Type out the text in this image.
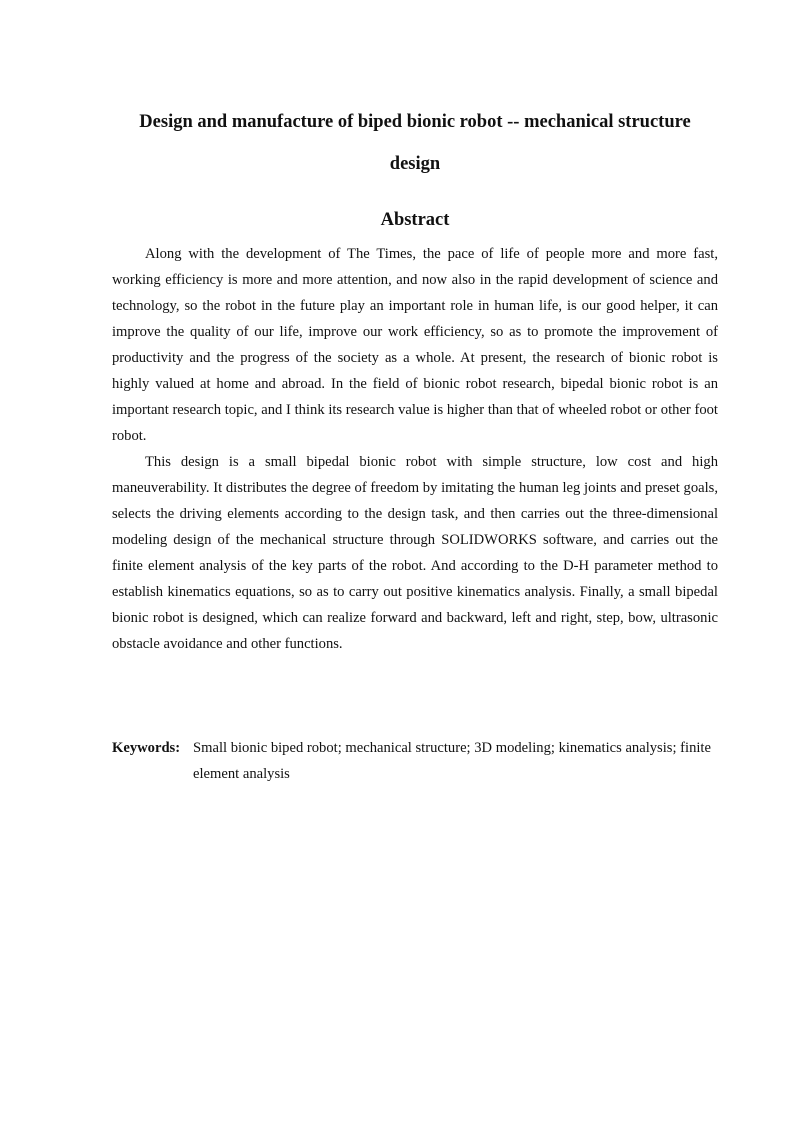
Design and manufacture of biped bionic robot -- mechanical structure design
Abstract

Along with the development of The Times, the pace of life of people more and more fast, working efficiency is more and more attention, and now also in the rapid development of science and technology, so the robot in the future play an important role in human life, is our good helper, it can improve the quality of our life, improve our work efficiency, so as to promote the improvement of productivity and the progress of the society as a whole. At present, the research of bionic robot is highly valued at home and abroad. In the field of bionic robot research, bipedal bionic robot is an important research topic, and I think its research value is higher than that of wheeled robot or other foot robot.

This design is a small bipedal bionic robot with simple structure, low cost and high maneuverability. It distributes the degree of freedom by imitating the human leg joints and preset goals, selects the driving elements according to the design task, and then carries out the three-dimensional modeling design of the mechanical structure through SOLIDWORKS software, and carries out the finite element analysis of the key parts of the robot. And according to the D-H parameter method to establish kinematics equations, so as to carry out positive kinematics analysis. Finally, a small bipedal bionic robot is designed, which can realize forward and backward, left and right, step, bow, ultrasonic obstacle avoidance and other functions.

Keywords: Small bionic biped robot; mechanical structure; 3D modeling; kinematics analysis; finite element analysis
